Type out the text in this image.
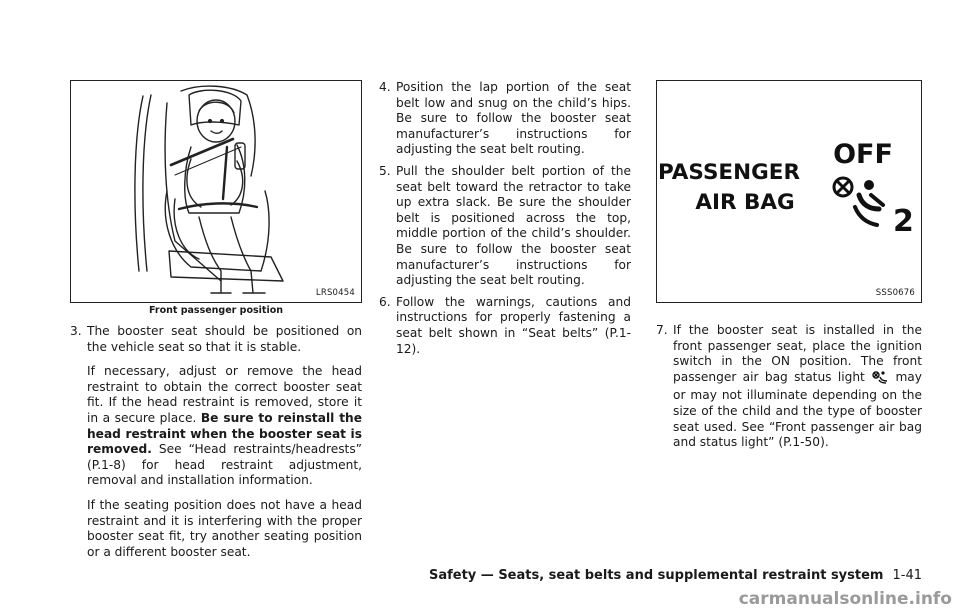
LRS0454
Front passenger position
3. The booster seat should be positioned on the vehicle seat so that it is stable.

If necessary, adjust or remove the head restraint to obtain the correct booster seat fit. If the head restraint is removed, store it in a secure place. Be sure to reinstall the head restraint when the booster seat is removed. See “Head restraints/headrests” (P.1-8) for head restraint adjustment, removal and installation information.

If the seating position does not have a head restraint and it is interfering with the proper booster seat fit, try another seating position or a different booster seat.

4. Position the lap portion of the seat belt low and snug on the child’s hips. Be sure to follow the booster seat manufacturer’s instructions for adjusting the seat belt routing.
5. Pull the shoulder belt portion of the seat belt toward the retractor to take up extra slack. Be sure the shoulder belt is positioned across the top, middle portion of the child’s shoulder. Be sure to follow the booster seat manufacturer’s instructions for adjusting the seat belt routing.
6. Follow the warnings, cautions and instructions for properly fastening a seat belt shown in “Seat belts” (P.1-12).
PASSENGER
AIR BAG
OFF
2
SSS0676
7. If the booster seat is installed in the front passenger seat, place the ignition switch in the ON position. The front passenger air bag status light  may or may not illuminate depending on the size of the child and the type of booster seat used. See “Front passenger air bag and status light” (P.1-50).
Safety — Seats, seat belts and supplemental restraint system 1-41
carmanualsonline.info
